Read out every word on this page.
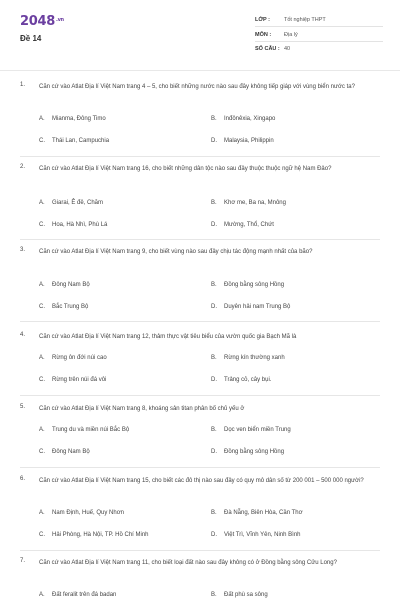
$2048^{.vn}$
Đề 14
LỚP :	Tốt nghiệp THPT
MÔN :	Địa lý
SỐ CÂU : 40
1. Căn cứ vào Atlat Địa lí Việt Nam trang 4 – 5, cho biết những nước nào sau đây không tiếp giáp với vùng biển nước ta?
A. Mianma, Đông Timo	B. Inđônêxia, Xingapo
C. Thái Lan, Campuchia	D. Malaysia, Philippin
2. Căn cứ vào Atlat Địa lí Việt Nam trang 16, cho biết những dân tộc nào sau đây thuộc thuộc ngữ hệ Nam Đảo?
A. Giarai, Ê đê, Chăm	B. Khơ me, Ba na, Mnông
C. Hoa, Hà Nhì, Phù Lá	D. Mường, Thổ, Chứt
3. Căn cứ vào Atlat Địa lí Việt Nam trang 9, cho biết vùng nào sau đây chịu tác động mạnh nhất của bão?
A. Đông Nam Bộ	B. Đồng bằng sông Hồng
C. Bắc Trung Bộ	D. Duyên hải nam Trung Bộ
4. Căn cứ vào Atlat Địa lí Việt Nam trang 12, thảm thực vật tiêu biểu của vườn quốc gia Bạch Mã là
A. Rừng ôn đới núi cao	B. Rừng kín thường xanh
C. Rừng trên núi đá vôi	D. Trảng cỏ, cây bụi.
5. Căn cứ vào Atlat Địa lí Việt Nam trang 8, khoáng sản titan phân bố chủ yếu ở
A. Trung du và miền núi Bắc Bộ	B. Dọc ven biển miền Trung
C. Đông Nam Bộ	D. Đồng bằng sông Hồng
6. Căn cứ vào Atlat Địa lí Việt Nam trang 15, cho biết các đô thị nào sau đây có quy mô dân số từ 200 001 – 500 000 người?
A. Nam Định, Huế, Quy Nhơn	B. Đà Nẵng, Biên Hòa, Cần Thơ
C. Hải Phòng, Hà Nội, TP. Hồ Chí Minh	D. Việt Trì, Vĩnh Yên, Ninh Bình
7. Căn cứ vào Atlat Địa lí Việt Nam trang 11, cho biết loại đất nào sau đây không có ở Đồng bằng sông Cửu Long?
A. Đất feralit trên đá badan	B. Đất phù sa sông
